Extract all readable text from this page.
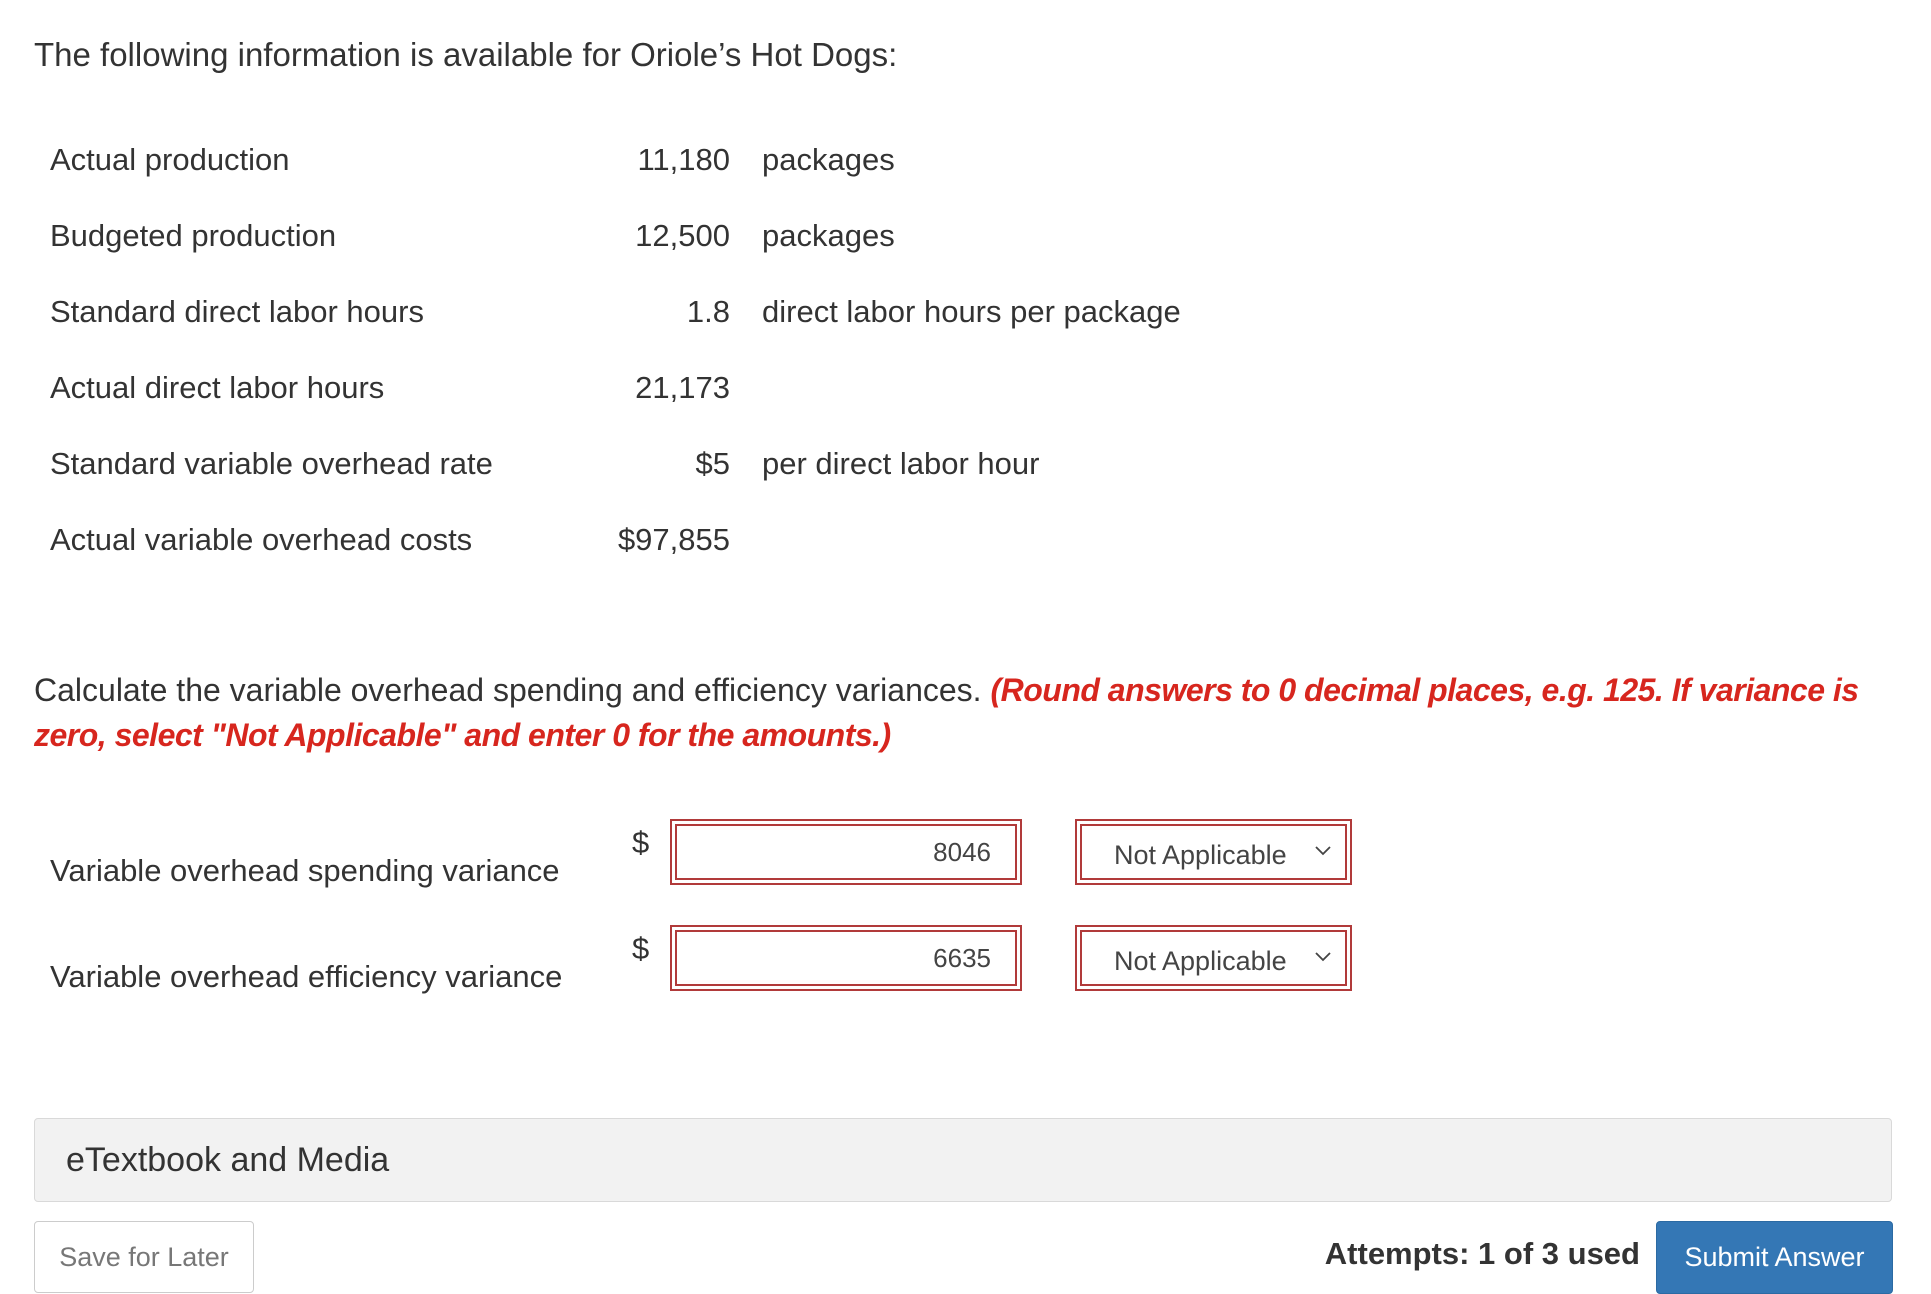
The following information is available for Oriole’s Hot Dogs:
Actual production	11,180 packages
Budgeted production	12,500 packages
Standard direct labor hours	1.8 direct labor hours per package
Actual direct labor hours	21,173
Standard variable overhead rate	$5 per direct labor hour
Actual variable overhead costs	$97,855
Calculate the variable overhead spending and efficiency variances. (Round answers to 0 decimal places, e.g. 125. If variance is zero, select "Not Applicable" and enter 0 for the amounts.)
Variable overhead spending variance
$
8046	Not Applicable
Variable overhead efficiency variance
$
6635	Not Applicable
eTextbook and Media
Save for Later	Attempts: 1 of 3 used	Submit Answer
